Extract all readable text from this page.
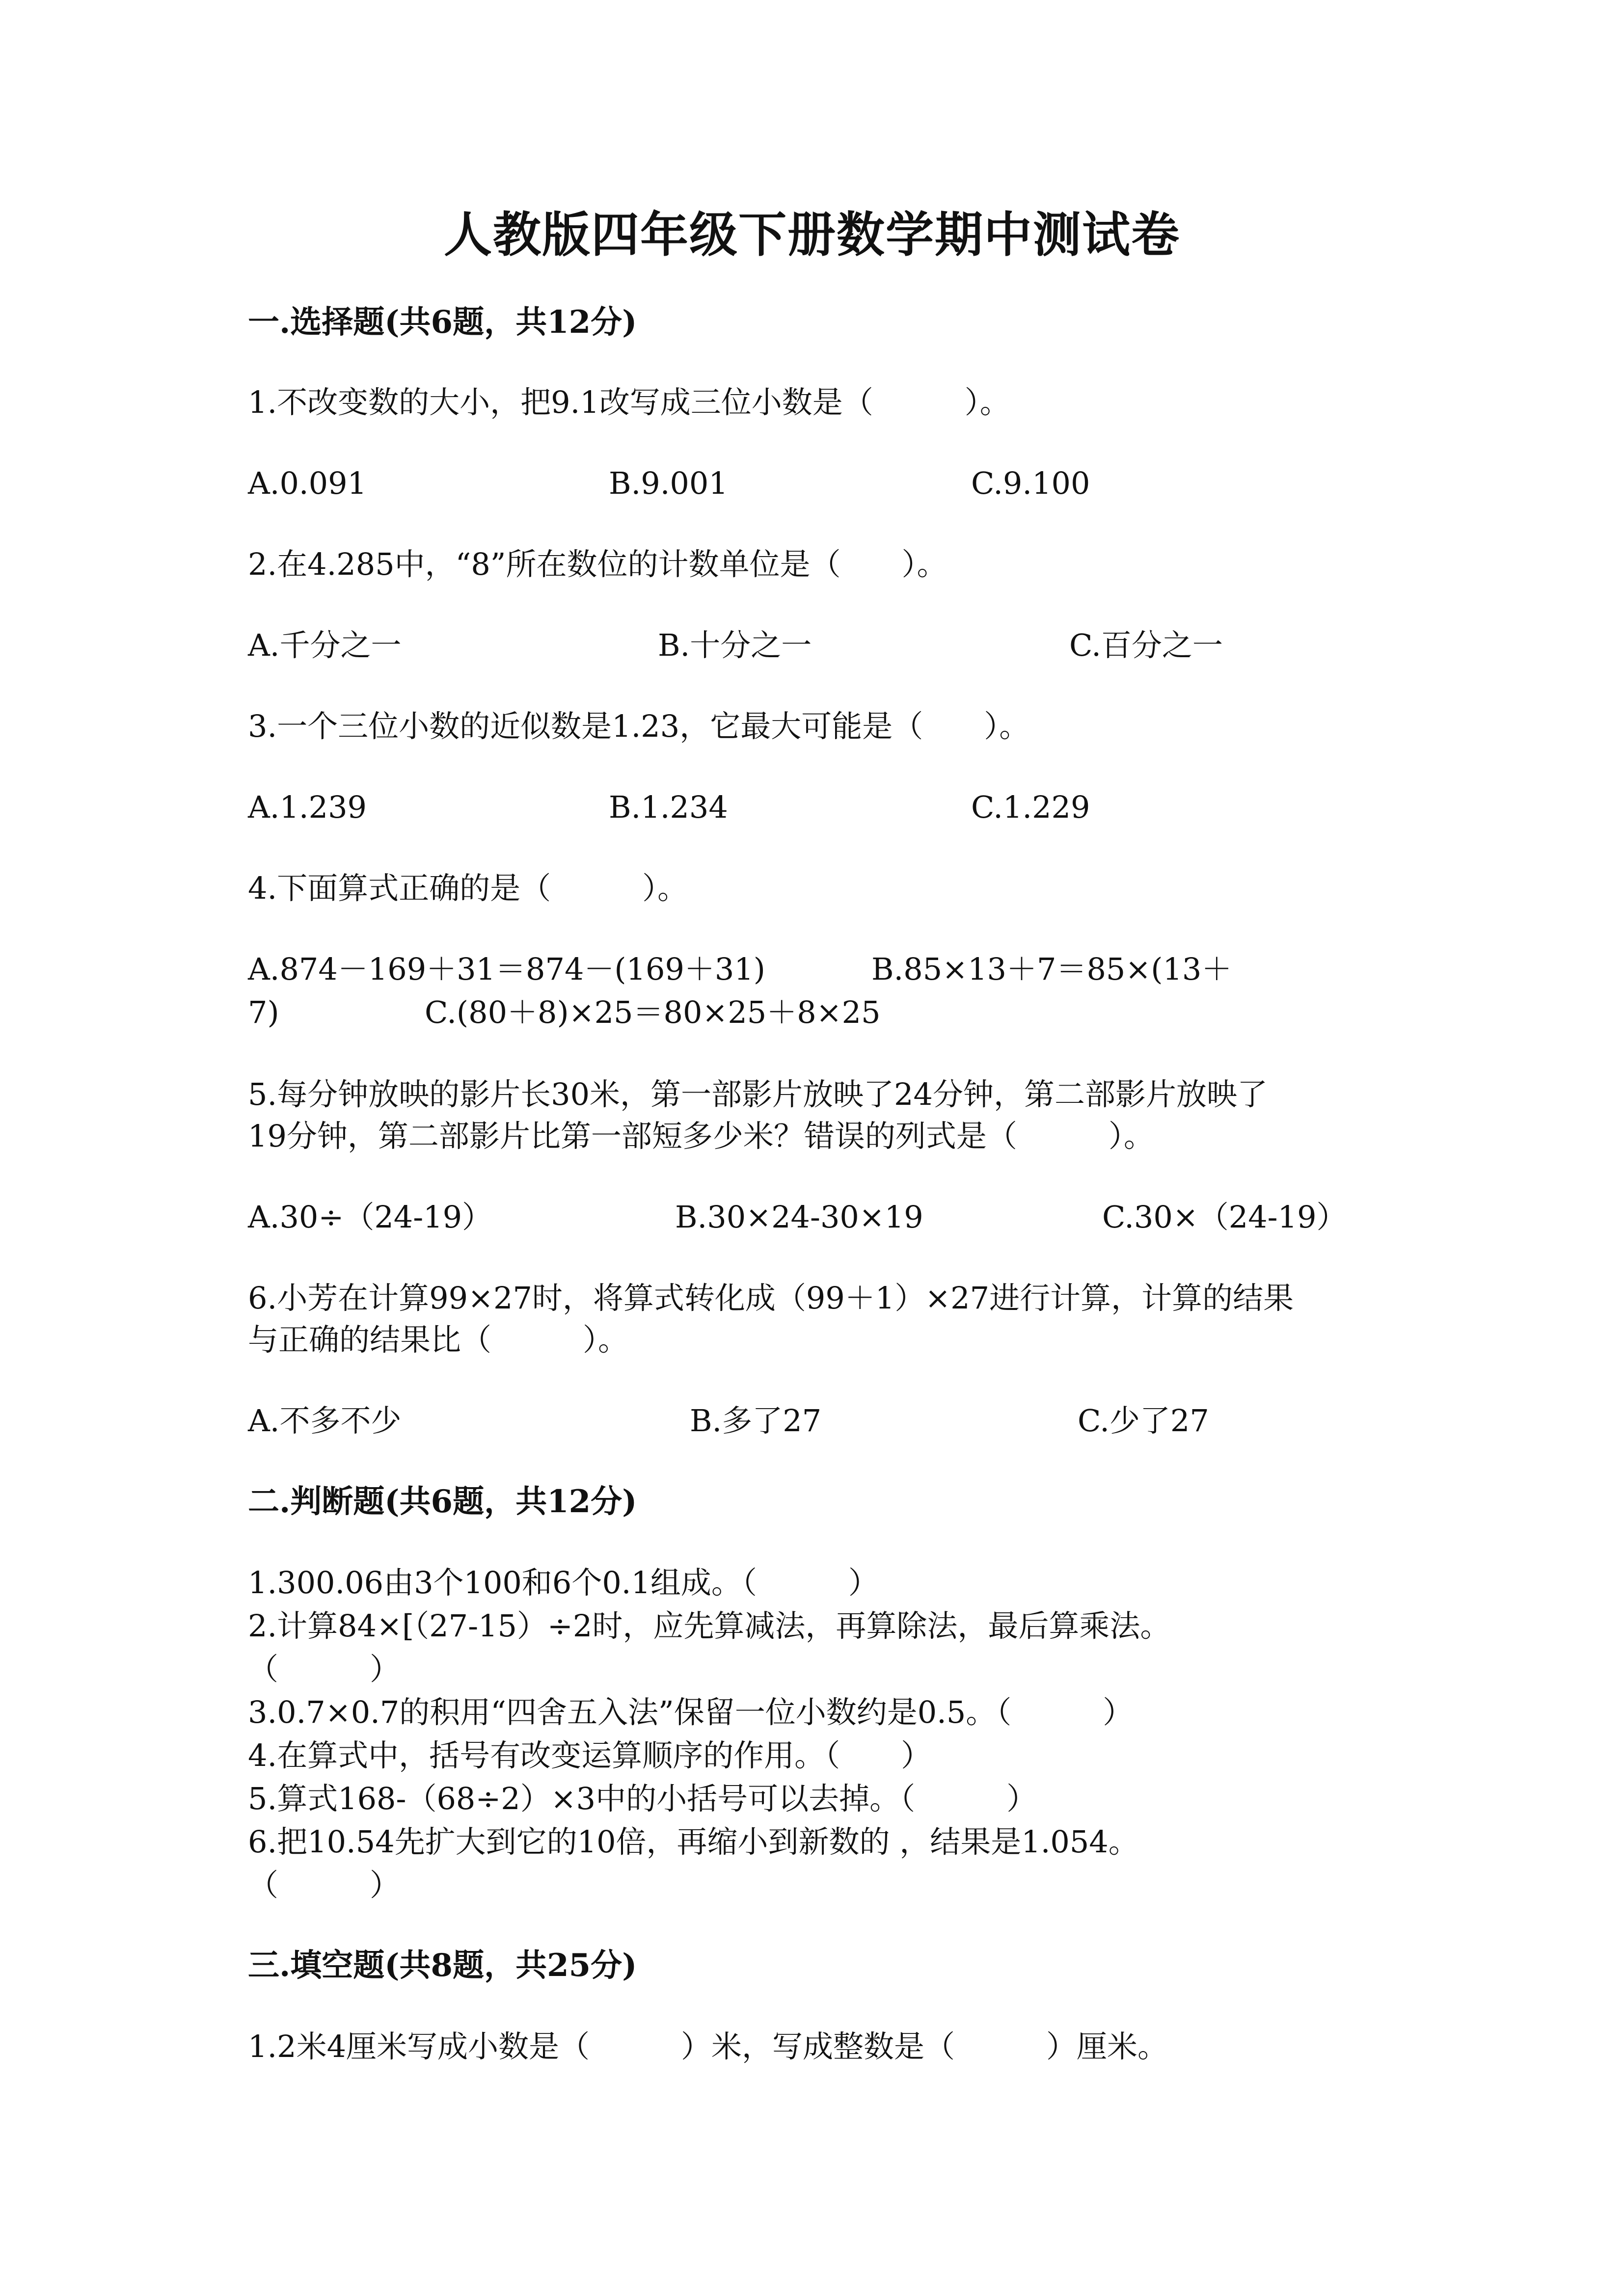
人教版四年级下册数学期中测试卷
一.选择题(共6题，共12分)
1.不改变数的大小，把9.1改写成三位小数是（　　　）。
A.0.091	B.9.001	C.9.100
2.在4.285中，“8”所在数位的计数单位是（　　）。
A.千分之一	B.十分之一	C.百分之一
3.一个三位小数的近似数是1.23，它最大可能是（　　）。
A.1.239	B.1.234	C.1.229
4.下面算式正确的是（　　　）。
A.874－169＋31＝874－(169＋31)	B.85×13＋7＝85×(13＋
7)	C.(80＋8)×25＝80×25＋8×25
5.每分钟放映的影片长30米，第一部影片放映了24分钟，第二部影片放映了
19分钟，第二部影片比第一部短多少米？错误的列式是（　　　）。
A.30÷（24-19）	B.30×24-30×19	C.30×（24-19）
6.小芳在计算99×27时，将算式转化成（99＋1）×27进行计算，计算的结果
与正确的结果比（　　　）。
A.不多不少	B.多了27	C.少了27
二.判断题(共6题，共12分)
1.300.06由3个100和6个0.1组成。（　　　）
2.计算84×[（27-15）÷2时，应先算减法，再算除法，最后算乘法。
（　　　）
3.0.7×0.7的积用“四舍五入法”保留一位小数约是0.5。（　　　）
4.在算式中，括号有改变运算顺序的作用。（　　）
5.算式168-（68÷2）×3中的小括号可以去掉。（　　　）
6.把10.54先扩大到它的10倍，再缩小到新数的 ，结果是1.054。
（　　　）
三.填空题(共8题，共25分)
1.2米4厘米写成小数是（　　　）米，写成整数是（　　　）厘米。
